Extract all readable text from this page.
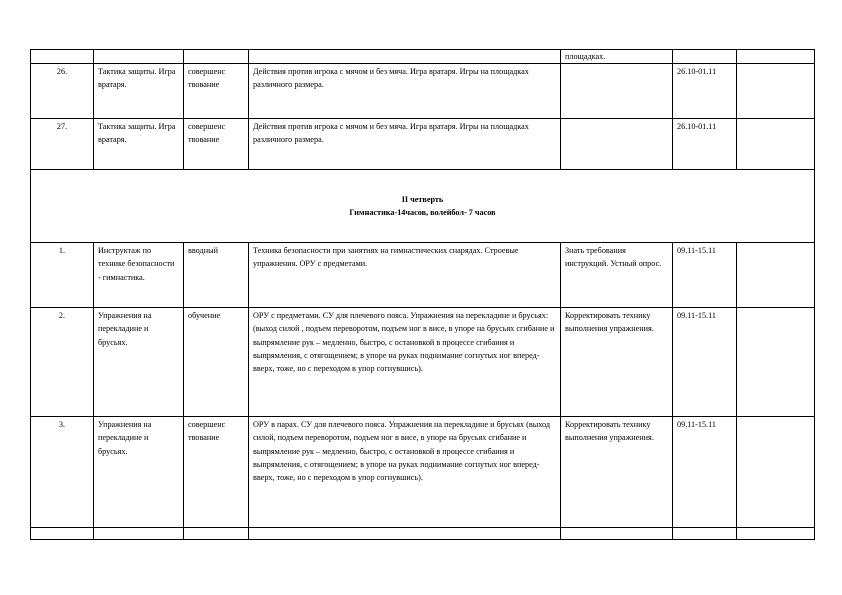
				площадках.		
26.	Тактика защиты. Игра вратаря.	совершенс твование	Действия против игрока с мячом и без мяча. Игра вратаря. Игры на площадках различного размера.		26.10-01.11	
27.	Тактика защиты. Игра вратаря.	совершенс твование	Действия против игрока с мячом и без мяча. Игра вратаря. Игры на площадках различного размера.		26.10-01.11	

II четверть
Гимнастика-14часов, волейбол- 7 часов						

1.	Инструктаж по технике безопасности - гимнастика.	вводный	Техника безопасности при занятиях на гимнастических снарядах. Строевые упражнения. ОРУ с предметами.	Знать требования инструкций. Устный опрос.	09.11-15.11	
2.	Упражнения на перекладине и брусьях.	обучение	ОРУ с предметами. СУ для плечевого пояса. Упражнения на перекладине и брусьях: (выход силой , подъем переворотом, подъем ног в висе, в упоре на брусьях сгибание и выпрямление рук – медленно, быстро, с остановкой в процессе сгибания и выпрямления, с отягощением; в упоре на руках поднимание согнутых ног вперед-вверх, тоже, но с переходом в упор согнувшись).	Корректировать технику выполнения упражнения.	09.11-15.11	
3.	Упражнения на перекладине и брусьях.	совершенс твование	ОРУ в парах. СУ для плечевого пояса. Упражнения на перекладине и брусьях (выход силой, подъем переворотом, подъем ног в висе, в упоре на брусьях сгибание и выпрямление рук – медленно, быстро, с остановкой в процессе сгибания и выпрямления, с отягощением; в упоре на руках поднимание согнутых ног вперед-вверх, тоже, но с переходом в упор согнувшись).	Корректировать технику выполнения упражнения.	09.11-15.11	
